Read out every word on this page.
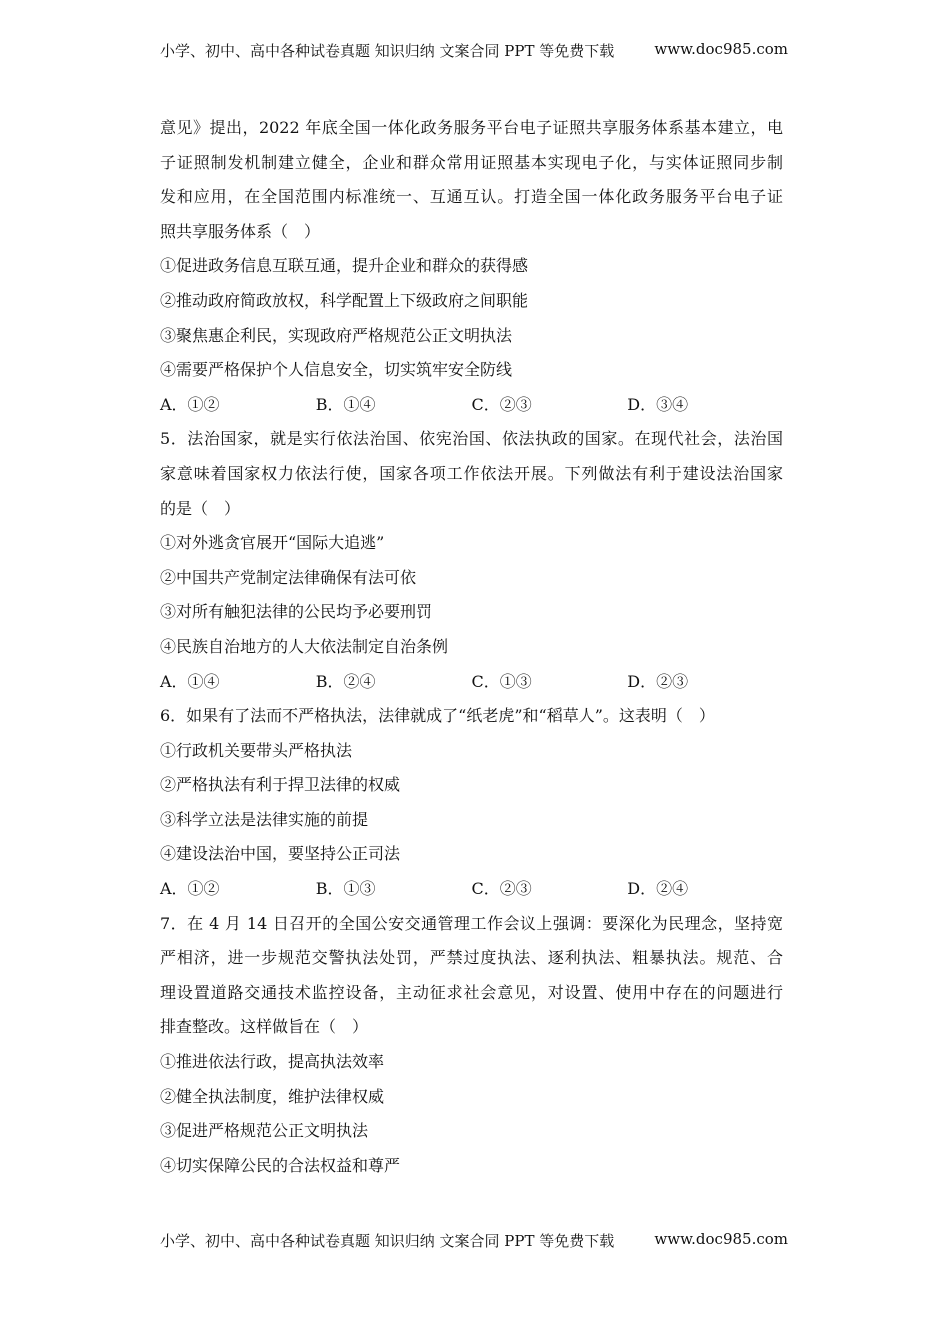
小学、初中、高中各种试卷真题 知识归纳 文案合同 PPT 等免费下载	www.doc985.com
意见》提出，2022 年底全国一体化政务服务平台电子证照共享服务体系基本建立，电
子证照制发机制建立健全，企业和群众常用证照基本实现电子化，与实体证照同步制
发和应用，在全国范围内标准统一、互通互认。打造全国一体化政务服务平台电子证
照共享服务体系（　）
①促进政务信息互联互通，提升企业和群众的获得感
②推动政府简政放权，科学配置上下级政府之间职能
③聚焦惠企利民，实现政府严格规范公正文明执法
④需要严格保护个人信息安全，切实筑牢安全防线
A．①②	B．①④	C．②③	D．③④
5．法治国家，就是实行依法治国、依宪治国、依法执政的国家。在现代社会，法治国
家意味着国家权力依法行使，国家各项工作依法开展。下列做法有利于建设法治国家
的是（　）
①对外逃贪官展开“国际大追逃”
②中国共产党制定法律确保有法可依
③对所有触犯法律的公民均予必要刑罚
④民族自治地方的人大依法制定自治条例
A．①④	B．②④	C．①③	D．②③
6．如果有了法而不严格执法，法律就成了“纸老虎”和“稻草人”。这表明（　）
①行政机关要带头严格执法
②严格执法有利于捍卫法律的权威
③科学立法是法律实施的前提
④建设法治中国，要坚持公正司法
A．①②	B．①③	C．②③	D．②④
7．在 4 月 14 日召开的全国公安交通管理工作会议上强调：要深化为民理念，坚持宽
严相济，进一步规范交警执法处罚，严禁过度执法、逐利执法、粗暴执法。规范、合
理设置道路交通技术监控设备，主动征求社会意见，对设置、使用中存在的问题进行
排查整改。这样做旨在（　）
①推进依法行政，提高执法效率
②健全执法制度，维护法律权威
③促进严格规范公正文明执法
④切实保障公民的合法权益和尊严
小学、初中、高中各种试卷真题 知识归纳 文案合同 PPT 等免费下载	www.doc985.com
